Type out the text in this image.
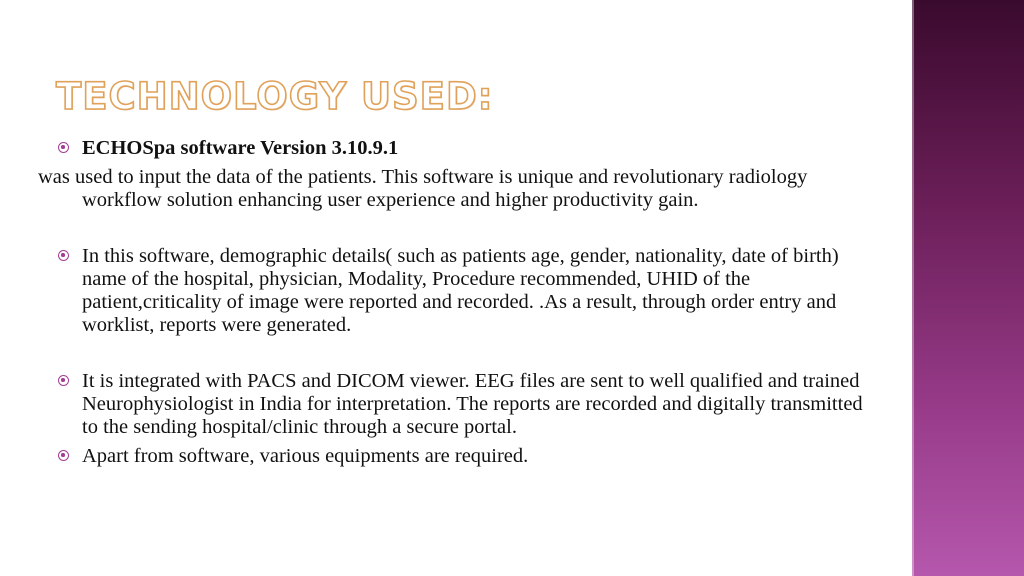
TECHNOLOGY USED:

ECHOSpa software Version 3.10.9.1

was used to input the data of the patients. This software is unique and revolutionary radiology workflow solution enhancing user experience and higher productivity gain.

In this software, demographic details( such as patients age, gender, nationality, date of birth) name of the hospital, physician, Modality, Procedure recommended, UHID of the patient,criticality of image were reported and recorded. .As a result, through order entry and worklist, reports were generated.

It is integrated with PACS and DICOM viewer. EEG files are sent to well qualified and trained Neurophysiologist in India for interpretation. The reports are recorded and digitally transmitted to the sending hospital/clinic through a secure portal.

Apart from software, various equipments are required.
